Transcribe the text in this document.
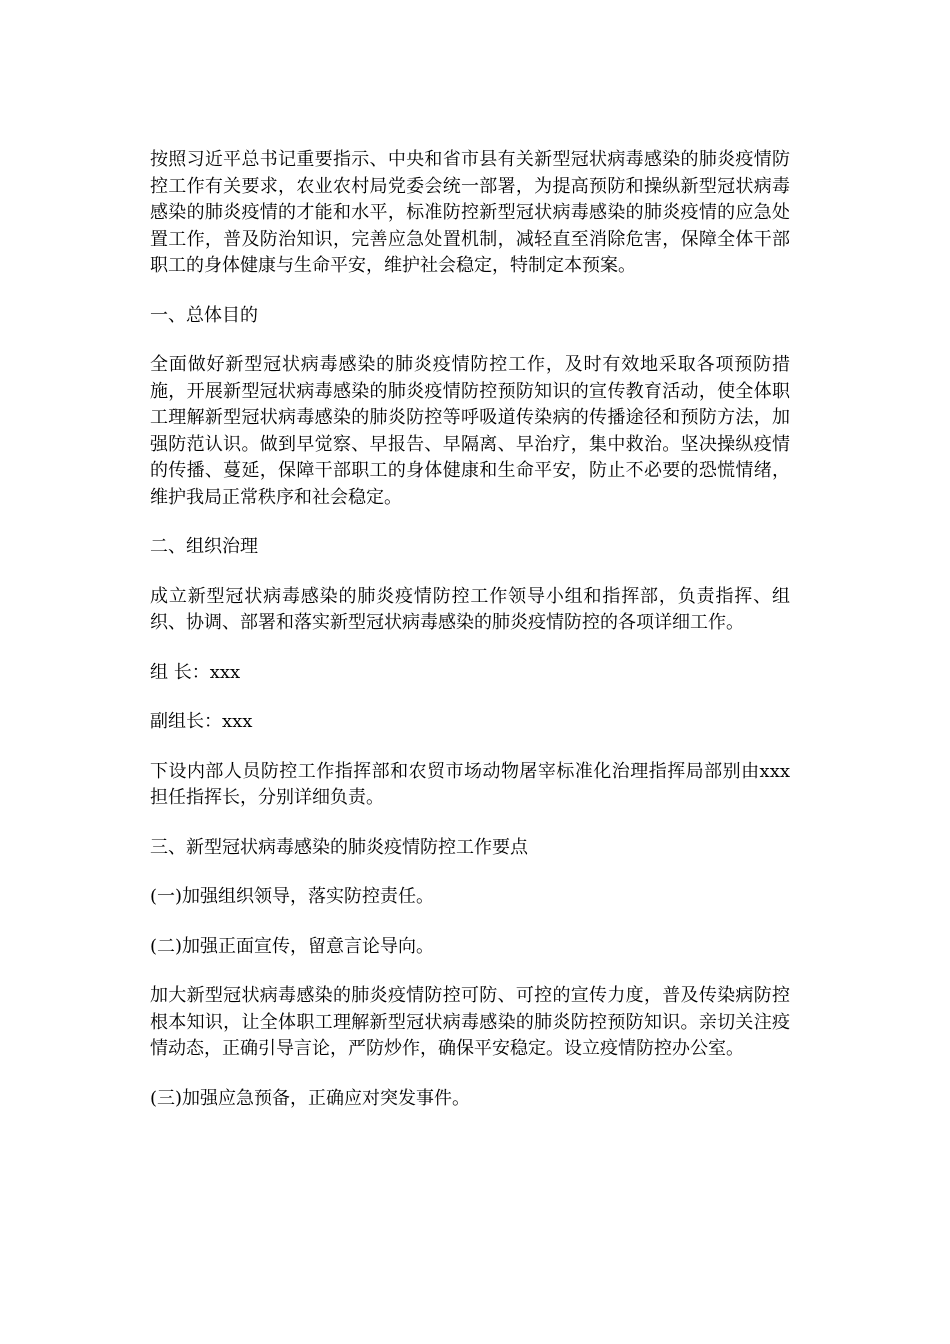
按照习近平总书记重要指示、中央和省市县有关新型冠状病毒感染的肺炎疫情防控工作有关要求，农业农村局党委会统一部署，为提高预防和操纵新型冠状病毒感染的肺炎疫情的才能和水平，标准防控新型冠状病毒感染的肺炎疫情的应急处置工作，普及防治知识，完善应急处置机制，减轻直至消除危害，保障全体干部职工的身体健康与生命平安，维护社会稳定，特制定本预案。

一、总体目的

全面做好新型冠状病毒感染的肺炎疫情防控工作，及时有效地采取各项预防措施，开展新型冠状病毒感染的肺炎疫情防控预防知识的宣传教育活动，使全体职工理解新型冠状病毒感染的肺炎防控等呼吸道传染病的传播途径和预防方法，加强防范认识。做到早觉察、早报告、早隔离、早治疗，集中救治。坚决操纵疫情的传播、蔓延，保障干部职工的身体健康和生命平安，防止不必要的恐慌情绪，维护我局正常秩序和社会稳定。

二、组织治理

成立新型冠状病毒感染的肺炎疫情防控工作领导小组和指挥部，负责指挥、组织、协调、部署和落实新型冠状病毒感染的肺炎疫情防控的各项详细工作。

组 长：xxx

副组长：xxx

下设内部人员防控工作指挥部和农贸市场动物屠宰标准化治理指挥局部别由xxx 担任指挥长，分别详细负责。

三、新型冠状病毒感染的肺炎疫情防控工作要点

(一)加强组织领导，落实防控责任。

(二)加强正面宣传，留意言论导向。

加大新型冠状病毒感染的肺炎疫情防控可防、可控的宣传力度，普及传染病防控根本知识，让全体职工理解新型冠状病毒感染的肺炎防控预防知识。亲切关注疫情动态，正确引导言论，严防炒作，确保平安稳定。设立疫情防控办公室。

(三)加强应急预备，正确应对突发事件。
